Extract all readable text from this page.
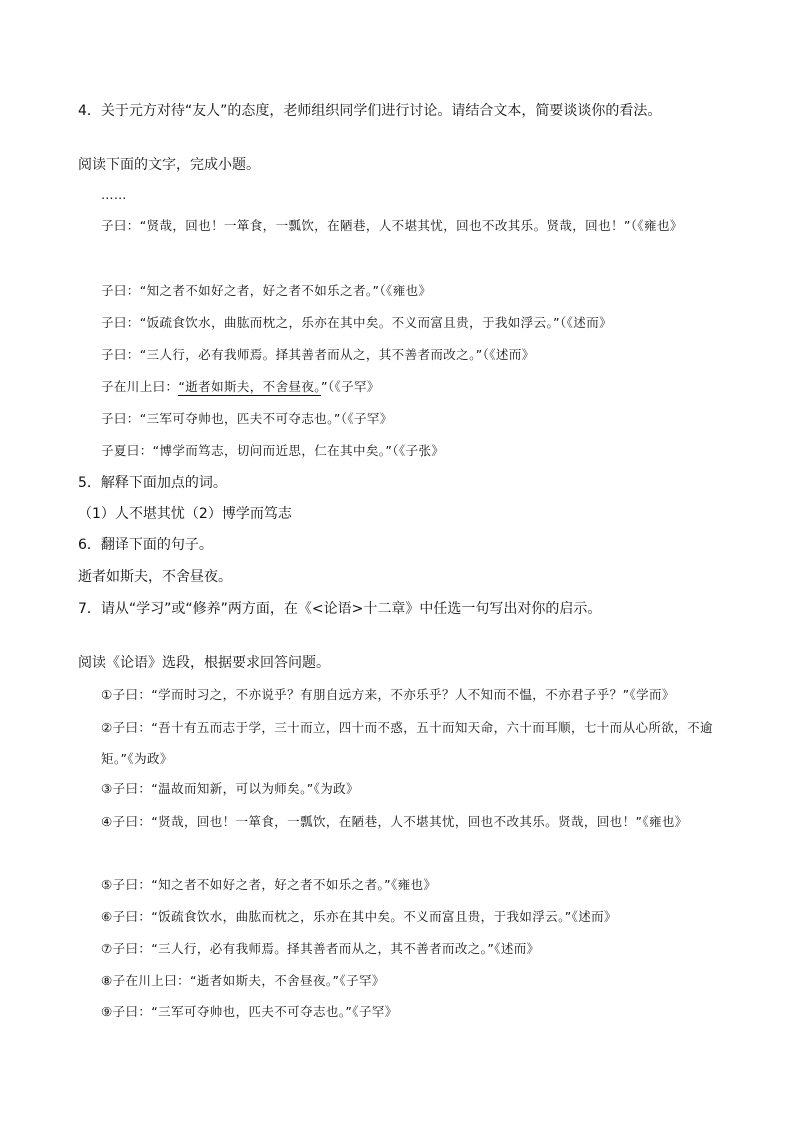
4．关于元方对待“友人”的态度，老师组织同学们进行讨论。请结合文本，简要谈谈你的看法。
阅读下面的文字，完成小题。
……
子曰：“贤哉，回也！一箪食，一瓢饮，在陋巷，人不堪其忧，回也不改其乐。贤哉，回也！”（《雍也》
子曰：“知之者不如好之者，好之者不如乐之者。”（《雍也》
子曰：“饭疏食饮水，曲肱而枕之，乐亦在其中矣。不义而富且贵，于我如浮云。”（《述而》
子曰：“三人行，必有我师焉。择其善者而从之，其不善者而改之。”（《述而》
子在川上曰：“逝者如斯夫，不舍昼夜。”（《子罕》
子曰：“三军可夺帅也，匹夫不可夺志也。”（《子罕》
子夏曰：“博学而笃志，切问而近思，仁在其中矣。”（《子张》
5．解释下面加点的词。
（1）人不堪其忧（2）博学而笃志
6．翻译下面的句子。
逝者如斯夫，不舍昼夜。
7．请从“学习”或“修养”两方面，在《<论语>十二章》中任选一句写出对你的启示。
阅读《论语》选段，根据要求回答问题。
①子曰：“学而时习之，不亦说乎？有朋自远方来，不亦乐乎？人不知而不愠，不亦君子乎？”《学而》
②子曰：“吾十有五而志于学，三十而立，四十而不惑，五十而知天命，六十而耳顺，七十而从心所欲，不逾矩。”《为政》
③子曰：“温故而知新，可以为师矣。”《为政》
④子曰：“贤哉，回也！一箪食，一瓢饮，在陋巷，人不堪其忧，回也不改其乐。贤哉，回也！”《雍也》
⑤子曰：“知之者不如好之者，好之者不如乐之者。”《雍也》
⑥子曰：“饭疏食饮水，曲肱而枕之，乐亦在其中矣。不义而富且贵，于我如浮云。”《述而》
⑦子曰：“三人行，必有我师焉。择其善者而从之，其不善者而改之。”《述而》
⑧子在川上曰：“逝者如斯夫，不舍昼夜。”《子罕》
⑨子曰：“三军可夺帅也，匹夫不可夺志也。”《子罕》
